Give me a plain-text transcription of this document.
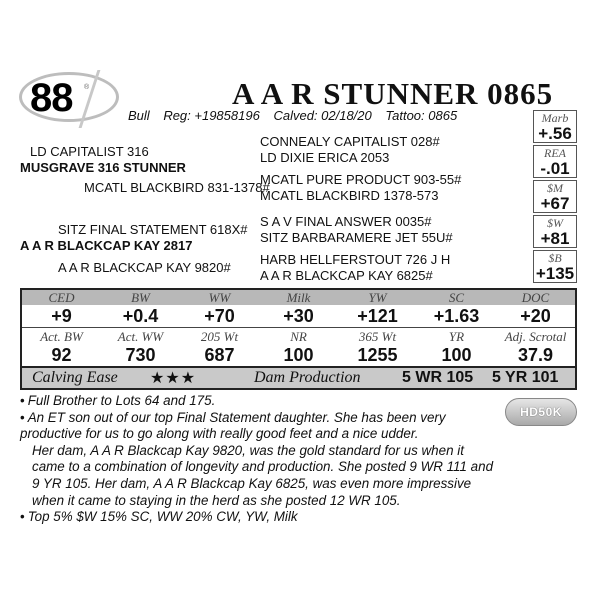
88 ®	A A R STUNNER 0865
Bull Reg: +19858196 Calved: 02/18/20 Tattoo: 0865
LD CAPITALIST 316
MUSGRAVE 316 STUNNER
MCATL BLACKBIRD 831-1378#
CONNEALY CAPITALIST 028#
LD DIXIE ERICA 2053
MCATL PURE PRODUCT 903-55#
MCATL BLACKBIRD 1378-573
SITZ FINAL STATEMENT 618X#
A A R BLACKCAP KAY 2817
A A R BLACKCAP KAY 9820#
S A V FINAL ANSWER 0035#
SITZ BARBARAMERE JET 55U#
HARB HELLFERSTOUT 726 J H
A A R BLACKCAP KAY 6825#
Marb
+.56
REA
-.01
$M
+67
$W
+81
$B
+135
CED	BW	WW	Milk	YW	SC	DOC
+9	+0.4	+70	+30	+121	+1.63	+20
Act. BW	Act. WW	205 Wt	NR	365 Wt	YR	Adj. Scrotal
92	730	687	100	1255	100	37.9
Calving Ease ★★★	Dam Production	5 WR 105 5 YR 101

• Full Brother to Lots 64 and 175.

• An ET son out of our top Final Statement daughter. She has been very productive for us to go along with really good feet and a nice udder.

Her dam, A A R Blackcap Kay 9820, was the gold standard for us when it came to a combination of longevity and production. She posted 9 WR 111 and 9 YR 105. Her dam, A A R Blackcap Kay 6825, was even more impressive when it came to staying in the herd as she posted 12 WR 105.

• Top 5% $W 15% SC, WW 20% CW, YW, Milk

HD50K
